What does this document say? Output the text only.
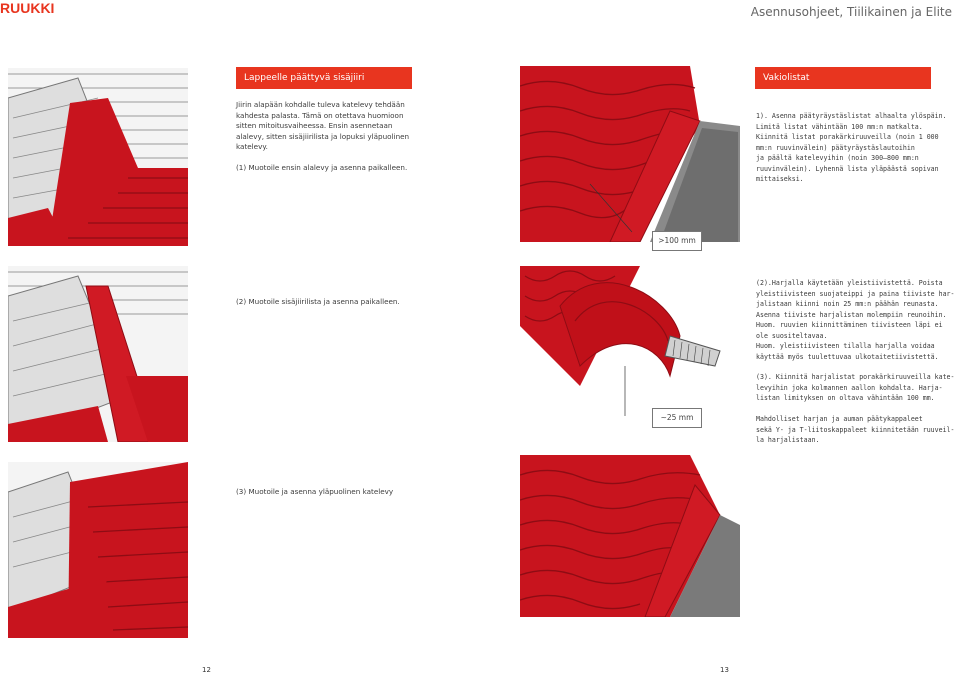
RUUKKI	Asennusohjeet, Tiilikainen ja Elite
Lappeelle päättyvä sisäjiiri
Jiirin alapään kohdalle tuleva katelevy tehdään
kahdesta palasta. Tämä on otettava huomioon
sitten mitoitusvaiheessa. Ensin asennetaan
alalevy, sitten sisäjiirilista ja lopuksi yläpuolinen
katelevy.
(1) Muotoile ensin alalevy ja asenna paikalleen.
(2) Muotoile sisäjiirilista ja asenna paikalleen.
(3) Muotoile ja asenna yläpuolinen katelevy
>100 mm
Vakiolistat
1). Asenna päätyräystäslistat alhaalta ylöspäin.
Limitä listat vähintään 100 mm:n matkalta.
Kiinnitä listat porakärkiruuveilla (noin 1 000
mm:n ruuvinvälein) päätyräystäslautoihin
ja päältä katelevyihin (noin 300–800 mm:n
ruuvinvälein). Lyhennä lista yläpäästä sopivan
mittaiseksi.
~25 mm
(2).Harjalla käytetään yleistiivistettä. Poista
yleistiivisteen suojateippi ja paina tiiviste har-
jalistaan kiinni noin 25 mm:n päähän reunasta.
Asenna tiiviste harjalistan molempiin reunoihin.
Huom. ruuvien kiinnittäminen tiivisteen läpi ei
ole suositeltavaa.
Huom. yleistiivisteen tilalla harjalla voidaa
käyttää myös tuulettuvaa ulkotaitetiivistettä.
(3). Kiinnitä harjalistat porakärkiruuveilla kate-
levyihin joka kolmannen aallon kohdalta. Harja-
listan limityksen on oltava vähintään 100 mm.
Mahdolliset harjan ja auman päätykappaleet
sekä Y- ja T-liitoskappaleet kiinnitetään ruuveil-
la harjalistaan.
12	13
